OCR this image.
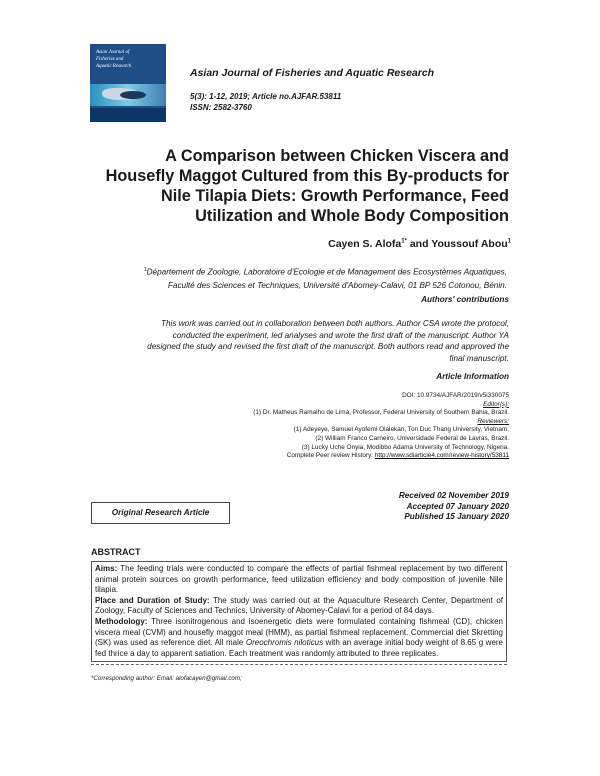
Asian Journal of
Fisheries and
Aquatic Research
Asian Journal of Fisheries and Aquatic Research
5(3): 1-12, 2019; Article no.AJFAR.53811
ISSN: 2582-3760
A Comparison between Chicken Viscera and
Housefly Maggot Cultured from this By-products for
Nile Tilapia Diets: Growth Performance, Feed
Utilization and Whole Body Composition
Cayen S. Alofa$^{1*}$ and Youssouf Abou$^1$
$^1$Département de Zoologie, Laboratoire d'Ecologie et de Management des Ecosystèmes Aquatiques,
Faculté des Sciences et Techniques, Université d'Abomey-Calavi, 01 BP 526 Cotonou, Bénin.
Authors' contributions
This work was carried out in collaboration between both authors. Author CSA wrote the protocol,
conducted the experiment, led analyses and wrote the first draft of the manuscript. Author YA
designed the study and revised the first draft of the manuscript. Both authors read and approved the
final manuscript.
Article Information
DOI: 10.9734/AJFAR/2019/v5i330075
Editor(s):
(1) Dr. Matheus Ramalho de Lima, Professor, Federal University of Southern Bahia, Brazil.
Reviewers:
(1) Adeyeye, Samuel Ayofemi Olalekan, Ton Duc Thang University, Vietnam.
(2) William Franco Carneiro, Universidade Federal de Lavras, Brazil.
(3) Lucky Uche Onyia, Modibbo Adama University of Technology, Nigeria.
Complete Peer review History: http://www.sdiarticle4.com/review-history/53811
Received 02 November 2019
Accepted 07 January 2020
Published 15 January 2020
Original Research Article
ABSTRACT

Aims: The feeding trials were conducted to compare the effects of partial fishmeal replacement by two different animal protein sources on growth performance, feed utilization efficiency and body composition of juvenile Nile tilapia.

Place and Duration of Study: The study was carried out at the Aquaculture Research Center, Department of Zoology, Faculty of Sciences and Technics, University of Abomey-Calavi for a period of 84 days.

Methodology: Three isonitrogenous and isoenergetic diets were formulated containing fishmeal (CD), chicken viscera meal (CVM) and housefly maggot meal (HMM), as partial fishmeal replacement. Commercial diet Skretting (SK) was used as reference diet. All male Oreochromis niloticus with an average initial body weight of 8.65 g were fed thrice a day to apparent satiation. Each treatment was randomly attributed to three replicates.

*Corresponding author: Email: alofacayen@gmail.com;
